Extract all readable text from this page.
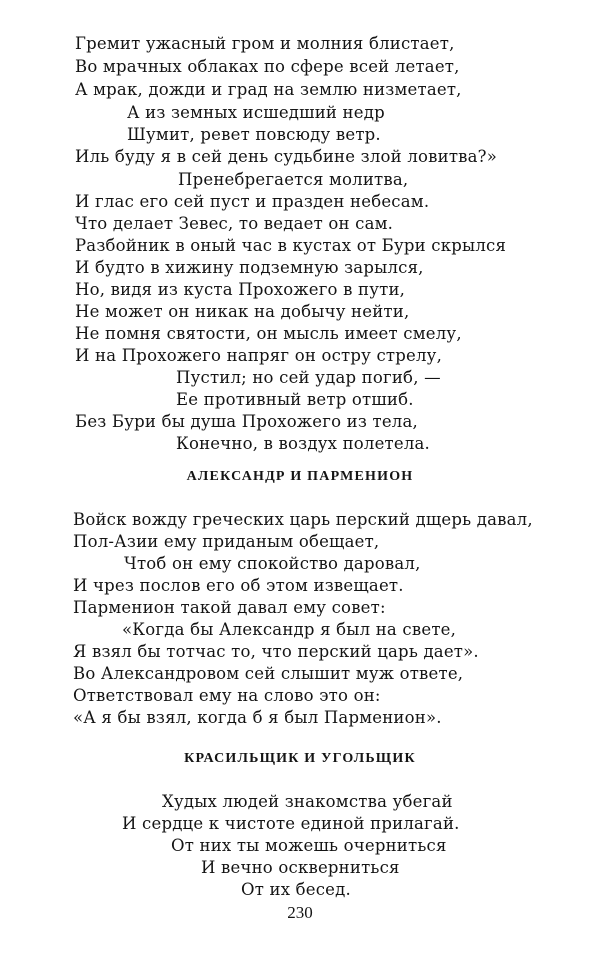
Гремит ужасный гром и молния блистает,
Во мрачных облаках по сфере всей летает,
А мрак, дожди и град на землю низметает,
А из земных исшедший недр
Шумит, ревет повсюду ветр.
Иль буду я в сей день судьбине злой ловитва?»
Пренебрегается молитва,
И глас его сей пуст и празден небесам.
Что делает Зевес, то ведает он сам.
Разбойник в оный час в кустах от Бури скрылся
И будто в хижину подземную зарылся,
Но, видя из куста Прохожего в пути,
Не может он никак на добычу нейти,
Не помня святости, он мысль имеет смелу,
И на Прохожего напряг он остру стрелу,
Пустил; но сей удар погиб, —
Ее противный ветр отшиб.
Без Бури бы душа Прохожего из тела,
Конечно, в воздух полетела.
АЛЕКСАНДР И ПАРМЕНИОН
Войск вожду греческих царь перский дщерь давал,
Пол-Азии ему приданым обещает,
Чтоб он ему спокойство даровал,
И чрез послов его об этом извещает.
Парменион такой давал ему совет:
«Когда бы Александр я был на свете,
Я взял бы тотчас то, что перский царь дает».
Во Александровом сей слышит муж ответе,
Ответствовал ему на слово это он:
«А я бы взял, когда б я был Парменион».
КРАСИЛЬЩИК И УГОЛЬЩИК
Худых людей знакомства убегай
И сердце к чистоте единой прилагай.
От них ты можешь очерниться
И вечно оскверниться
От их бесед.
230
